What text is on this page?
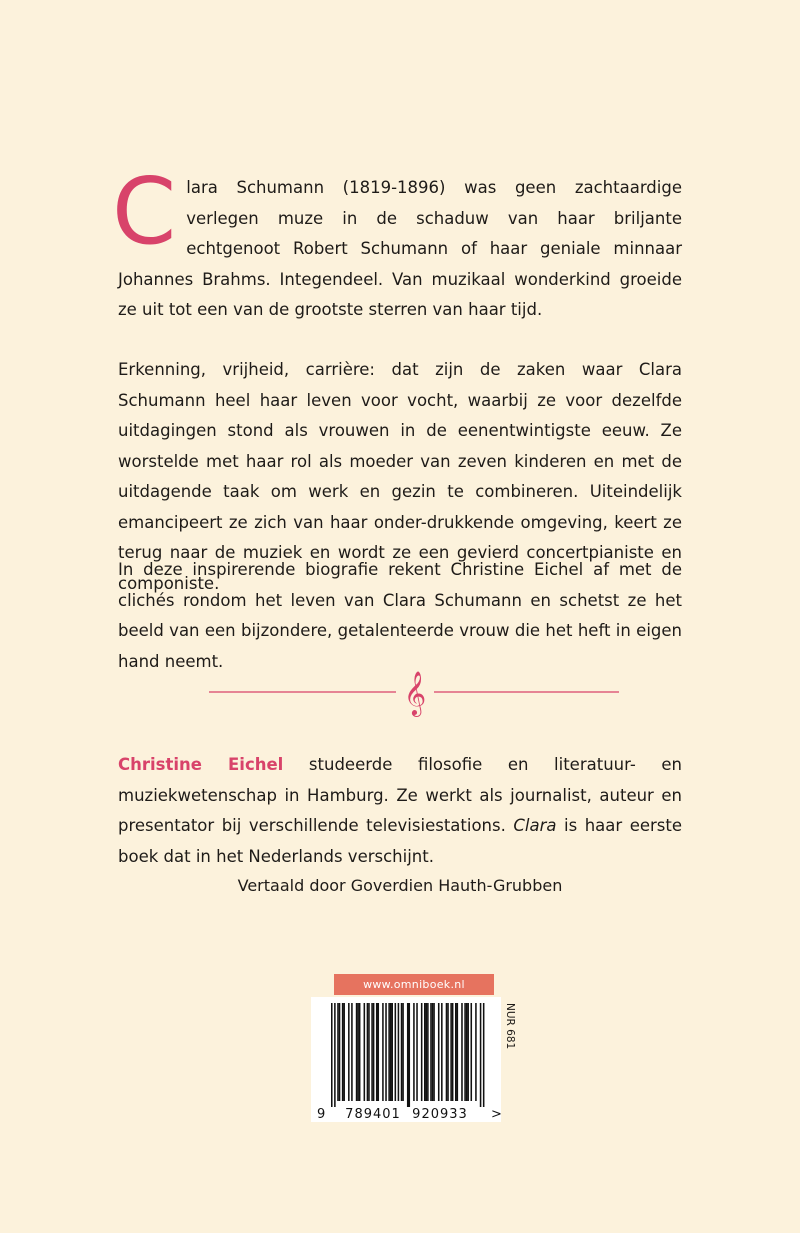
Clara Schumann (1819-1896) was geen zachtaardige verlegen muze in de schaduw van haar briljante echtgenoot Robert Schumann of haar geniale minnaar Johannes Brahms. Integendeel. Van muzikaal wonderkind groeide ze uit tot een van de grootste sterren van haar tijd.

Erkenning, vrijheid, carrière: dat zijn de zaken waar Clara Schumann heel haar leven voor vocht, waarbij ze voor dezelfde uitdagingen stond als vrouwen in de eenentwintigste eeuw. Ze worstelde met haar rol als moeder van zeven kinderen en met de uitdagende taak om werk en gezin te combineren. Uiteindelijk emancipeert ze zich van haar onder-drukkende omgeving, keert ze terug naar de muziek en wordt ze een gevierd concertpianiste en componiste.

In deze inspirerende biografie rekent Christine Eichel af met de clichés rondom het leven van Clara Schumann en schetst ze het beeld van een bijzondere, getalenteerde vrouw die het heft in eigen hand neemt.

𝄞

Christine Eichel studeerde filosofie en literatuur- en muziekwetenschap in Hamburg. Ze werkt als journalist, auteur en presentator bij verschillende televisiestations. Clara is haar eerste boek dat in het Nederlands verschijnt.

Vertaald door Goverdien Hauth-Grubben
www.omniboek.nl
9 789401 920933 >
NUR 681
